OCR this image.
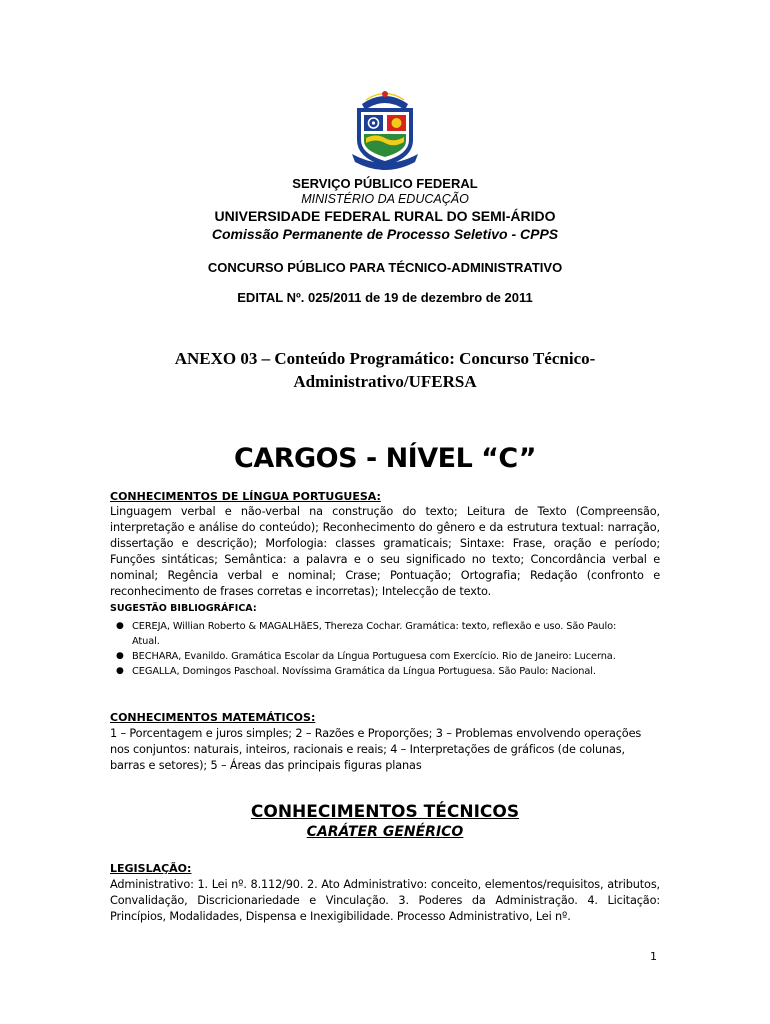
SERVIÇO PÚBLICO FEDERAL
MINISTÉRIO DA EDUCAÇÃO
UNIVERSIDADE FEDERAL RURAL DO SEMI-ÁRIDO
Comissão Permanente de Processo Seletivo - CPPS
CONCURSO PÚBLICO PARA TÉCNICO-ADMINISTRATIVO
EDITAL Nº. 025/2011 de 19 de dezembro de 2011
ANEXO 03 – Conteúdo Programático: Concurso Técnico-
Administrativo/UFERSA
CARGOS - NÍVEL “C”
CONHECIMENTOS DE LÍNGUA PORTUGUESA:
Linguagem verbal e não-verbal na construção do texto; Leitura de Texto (Compreensão, interpretação e análise do conteúdo); Reconhecimento do gênero e da estrutura textual: narração, dissertação e descrição); Morfologia: classes gramaticais; Sintaxe: Frase, oração e período; Funções sintáticas; Semântica: a palavra e o seu significado no texto; Concordância verbal e nominal; Regência verbal e nominal; Crase; Pontuação; Ortografia; Redação (confronto e reconhecimento de frases corretas e incorretas); Intelecção de texto.
SUGESTÃO BIBLIOGRÁFICA:
● CEREJA, Willian Roberto & MAGALHãES, Thereza Cochar. Gramática: texto, reflexão e uso. São Paulo: Atual.
● BECHARA, Evanildo. Gramática Escolar da Língua Portuguesa com Exercício. Rio de Janeiro: Lucerna.
● CEGALLA, Domingos Paschoal. Novíssima Gramática da Língua Portuguesa. São Paulo: Nacional.
CONHECIMENTOS MATEMÁTICOS:
1 – Porcentagem e juros simples; 2 – Razões e Proporções; 3 – Problemas envolvendo operações nos conjuntos: naturais, inteiros, racionais e reais; 4 – Interpretações de gráficos (de colunas, barras e setores); 5 – Áreas das principais figuras planas
CONHECIMENTOS TÉCNICOS
CARÁTER GENÉRICO
LEGISLAÇÃO:
Administrativo: 1. Lei nº. 8.112/90. 2. Ato Administrativo: conceito, elementos/requisitos, atributos, Convalidação, Discricionariedade e Vinculação. 3. Poderes da Administração. 4. Licitação: Princípios, Modalidades, Dispensa e Inexigibilidade. Processo Administrativo, Lei nº.
1
